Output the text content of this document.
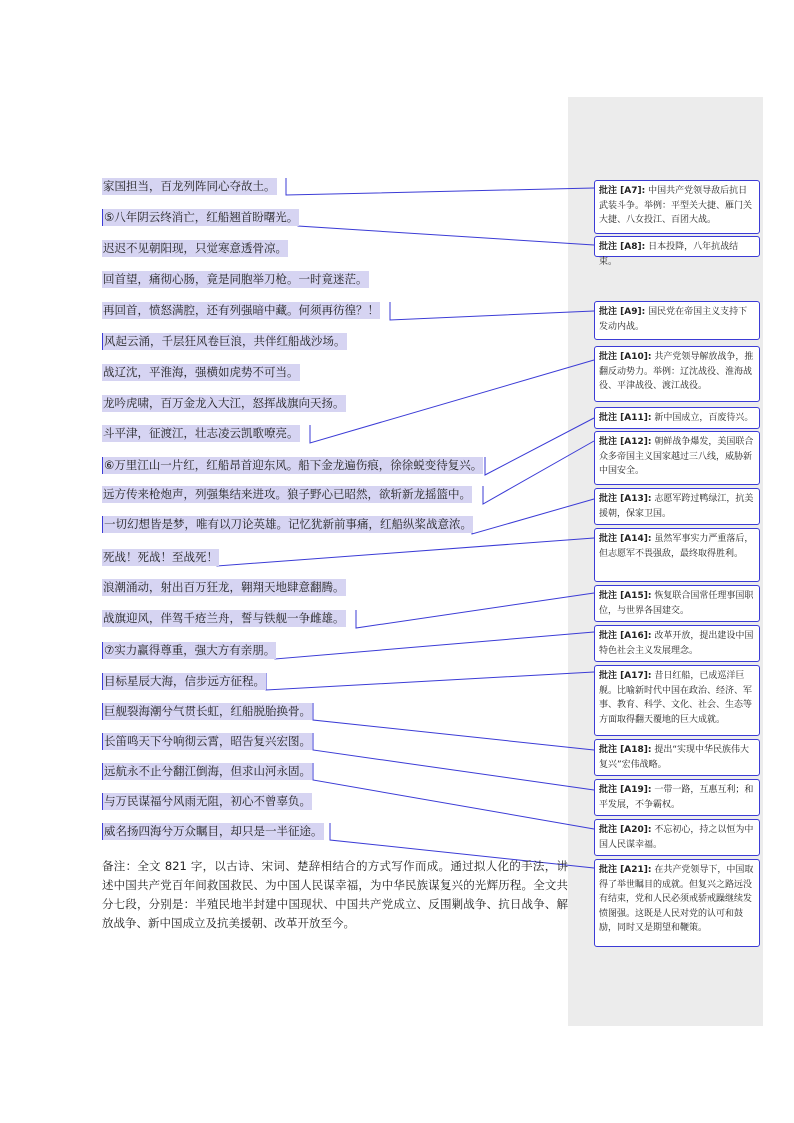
家国担当，百龙列阵同心夺故土。
⑤八年阴云终消亡，红船翘首盼曙光。
迟迟不见朝阳现，只觉寒意透骨凉。
回首望，痛彻心肠，竟是同胞举刀枪。一时竟迷茫。
再回首，愤怒满腔，还有列强暗中藏。何须再彷徨？！
风起云涌，千层狂风卷巨浪，共伴红船战沙场。
战辽沈，平淮海，强横如虎势不可当。
龙吟虎啸，百万金龙入大江，怒挥战旗向天扬。
斗平津，征渡江，壮志凌云凯歌嘹亮。
⑥万里江山一片红，红船昂首迎东风。船下金龙遍伤痕，徐徐蜕变待复兴。
远方传来枪炮声，列强集结来进攻。狼子野心已昭然，欲斩新龙摇篮中。
一切幻想皆是梦，唯有以刀论英雄。记忆犹新前事痛，红船纵桨战意浓。
死战！死战！至战死！
浪潮涌动，射出百万狂龙，翱翔天地肆意翻腾。
战旗迎风，伴驾千疮兰舟，誓与铁舰一争雌雄。
⑦实力赢得尊重，强大方有亲朋。
目标星辰大海，信步远方征程。
巨舰裂海潮兮气贯长虹，红船脱胎换骨。
长笛鸣天下兮响彻云霄，昭告复兴宏图。
远航永不止兮翻江倒海，但求山河永固。
与万民谋福兮风雨无阻，初心不曾辜负。
威名扬四海兮万众瞩目，却只是一半征途。
备注：全文 821 字，以古诗、宋词、楚辞相结合的方式写作而成。通过拟人化的手法，讲述中国共产党百年间救国救民、为中国人民谋幸福，为中华民族谋复兴的光辉历程。全文共分七段，分别是：半殖民地半封建中国现状、中国共产党成立、反围剿战争、抗日战争、解放战争、新中国成立及抗美援朝、改革开放至今。
批注 [A7]: 中国共产党领导敌后抗日武装斗争。举例：平型关大捷、雁门关大捷、八女投江、百团大战。
批注 [A8]: 日本投降，八年抗战结束。
批注 [A9]: 国民党在帝国主义支持下发动内战。
批注 [A10]: 共产党领导解放战争，推翻反动势力。举例：辽沈战役、淮海战役、平津战役、渡江战役。
批注 [A11]: 新中国成立，百废待兴。
批注 [A12]: 朝鲜战争爆发，美国联合众多帝国主义国家越过三八线，威胁新中国安全。
批注 [A13]: 志愿军跨过鸭绿江，抗美援朝，保家卫国。
批注 [A14]: 虽然军事实力严重落后，但志愿军不畏强敌，最终取得胜利。
批注 [A15]: 恢复联合国常任理事国职位，与世界各国建交。
批注 [A16]: 改革开放，提出建设中国特色社会主义发展理念。
批注 [A17]: 昔日红船，已成巡洋巨舰。比喻新时代中国在政治、经济、军事、教育、科学、文化、社会、生态等方面取得翻天覆地的巨大成就。
批注 [A18]: 提出“实现中华民族伟大复兴”宏伟战略。
批注 [A19]: 一带一路，互惠互利；和平发展，不争霸权。
批注 [A20]: 不忘初心，持之以恒为中国人民谋幸福。
批注 [A21]: 在共产党领导下，中国取得了举世瞩目的成就。但复兴之路远没有结束，党和人民必须戒骄戒躁继续发愤图强。这既是人民对党的认可和鼓励，同时又是期望和鞭策。
